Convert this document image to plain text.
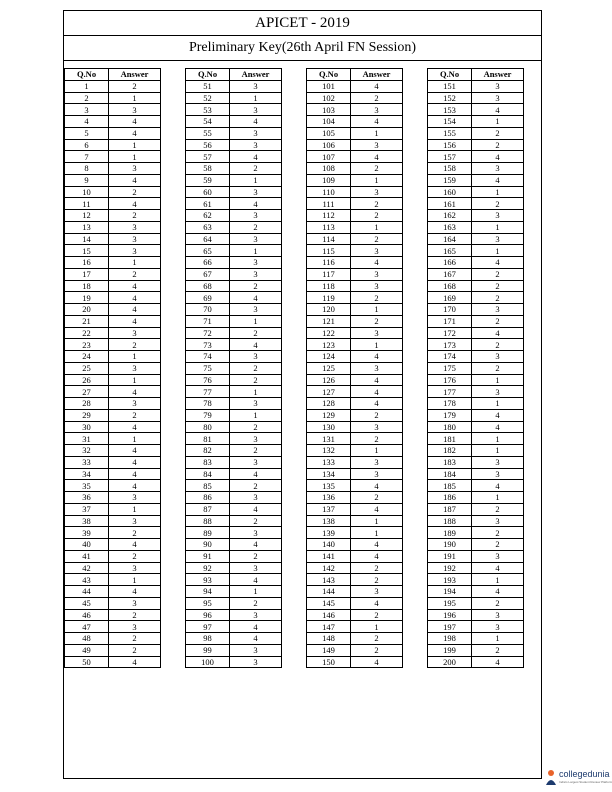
APICET - 2019
Preliminary Key(26th April FN Session)
Q.No	Answer
1	2
2	1
3	3
4	4
5	4
6	1
7	1
8	3
9	4
10	2
11	4
12	2
13	3
14	3
15	3
16	1
17	2
18	4
19	4
20	4
21	4
22	3
23	2
24	1
25	3
26	1
27	4
28	3
29	2
30	4
31	1
32	4
33	4
34	4
35	4
36	3
37	1
38	3
39	2
40	4
41	2
42	3
43	1
44	4
45	3
46	2
47	3
48	2
49	2
50	4
Q.No	Answer
51	3
52	1
53	3
54	4
55	3
56	3
57	4
58	2
59	1
60	3
61	4
62	3
63	2
64	3
65	1
66	3
67	3
68	2
69	4
70	3
71	1
72	2
73	4
74	3
75	2
76	2
77	1
78	3
79	1
80	2
81	3
82	2
83	3
84	4
85	2
86	3
87	4
88	2
89	3
90	4
91	2
92	3
93	4
94	1
95	2
96	3
97	4
98	4
99	3
100	3
Q.No	Answer
101	4
102	2
103	3
104	4
105	1
106	3
107	4
108	2
109	1
110	3
111	2
112	2
113	1
114	2
115	3
116	4
117	3
118	3
119	2
120	1
121	2
122	3
123	1
124	4
125	3
126	4
127	4
128	4
129	2
130	3
131	2
132	1
133	3
134	3
135	4
136	2
137	4
138	1
139	1
140	4
141	4
142	2
143	2
144	3
145	4
146	2
147	1
148	2
149	2
150	4
Q.No	Answer
151	3
152	3
153	4
154	1
155	2
156	2
157	4
158	3
159	4
160	1
161	2
162	3
163	1
164	3
165	1
166	4
167	2
168	2
169	2
170	3
171	2
172	4
173	2
174	3
175	2
176	1
177	3
178	1
179	4
180	4
181	1
182	1
183	3
184	3
185	4
186	1
187	2
188	3
189	2
190	2
191	3
192	4
193	1
194	4
195	2
196	3
197	3
198	1
199	2
200	4
collegedunia
India's Largest Student Review Platform
